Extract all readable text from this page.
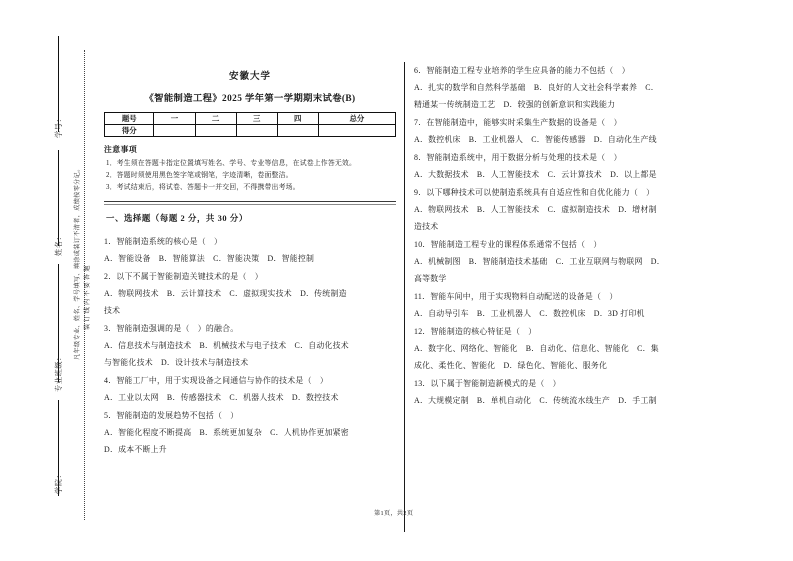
学号：
姓名：
专业班级：
学院：
凡年级专业、姓名、学号填写、填涂或装订不清者，成绩按零分记。 装 订 线 内 不 要 答 题
安徽大学
《智能制造工程》2025 学年第一学期期末试卷(B)
题号	一	二	三	四	总分
得分					
注意事项
1．考生须在答题卡指定位置填写姓名、学号、专业等信息，在试卷上作答无效。
2．答题时须使用黑色签字笔或钢笔，字迹清晰，卷面整洁。
3．考试结束后，将试卷、答题卡一并交回，不得携带出考场。
一、选择题（每题 2 分，共 30 分）
1．智能制造系统的核心是（　）
A．智能设备　B．智能算法　C．智能决策　D．智能控制
2．以下不属于智能制造关键技术的是（　）
A．物联网技术　B．云计算技术　C．虚拟现实技术　D．传统制造
技术
3．智能制造强调的是（　）的融合。
A．信息技术与制造技术　B．机械技术与电子技术　C．自动化技术
与智能化技术　D．设计技术与制造技术
4．智能工厂中，用于实现设备之间通信与协作的技术是（　）
A．工业以太网　B．传感器技术　C．机器人技术　D．数控技术
5．智能制造的发展趋势不包括（　）
A．智能化程度不断提高　B．系统更加复杂　C．人机协作更加紧密
D．成本不断上升
6．智能制造工程专业培养的学生应具备的能力不包括（　）
A．扎实的数学和自然科学基础　B．良好的人文社会科学素养　C．
精通某一传统制造工艺　D．较强的创新意识和实践能力
7．在智能制造中，能够实时采集生产数据的设备是（　）
A．数控机床　B．工业机器人　C．智能传感器　D．自动化生产线
8．智能制造系统中，用于数据分析与处理的技术是（　）
A．大数据技术　B．人工智能技术　C．云计算技术　D．以上都是
9．以下哪种技术可以使制造系统具有自适应性和自优化能力（　）
A．物联网技术　B．人工智能技术　C．虚拟制造技术　D．增材制
造技术
10．智能制造工程专业的课程体系通常不包括（　）
A．机械制图　B．智能制造技术基础　C．工业互联网与物联网　D．
高等数学
11．智能车间中，用于实现物料自动配送的设备是（　）
A．自动导引车　B．工业机器人　C．数控机床　D．3D 打印机
12．智能制造的核心特征是（　）
A．数字化、网络化、智能化　B．自动化、信息化、智能化　C．集
成化、柔性化、智能化　D．绿色化、智能化、服务化
13．以下属于智能制造新模式的是（　）
A．大规模定制　B．单机自动化　C．传统流水线生产　D．手工制
第1页，共2页
